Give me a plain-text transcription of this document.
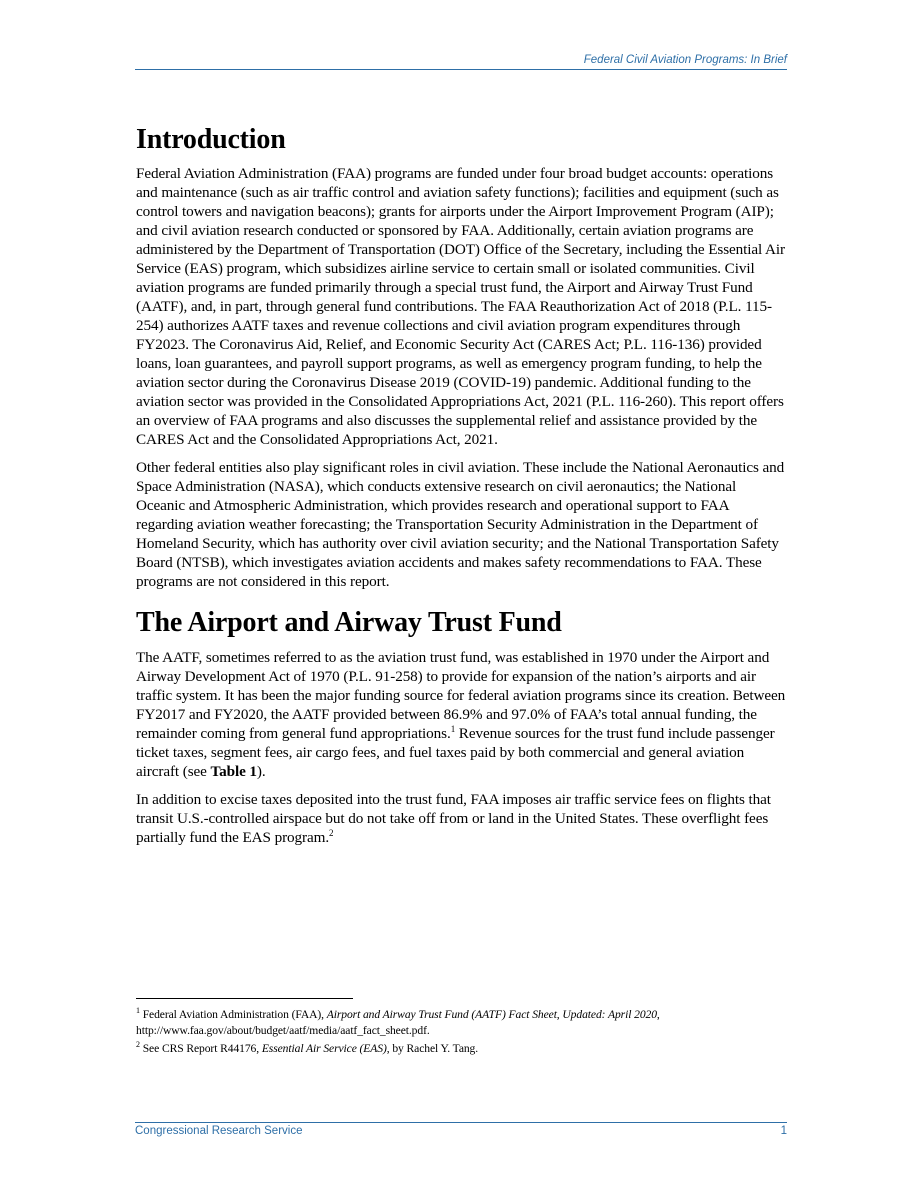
Federal Civil Aviation Programs: In Brief
Introduction

Federal Aviation Administration (FAA) programs are funded under four broad budget accounts: operations and maintenance (such as air traffic control and aviation safety functions); facilities and equipment (such as control towers and navigation beacons); grants for airports under the Airport Improvement Program (AIP); and civil aviation research conducted or sponsored by FAA. Additionally, certain aviation programs are administered by the Department of Transportation (DOT) Office of the Secretary, including the Essential Air Service (EAS) program, which subsidizes airline service to certain small or isolated communities. Civil aviation programs are funded primarily through a special trust fund, the Airport and Airway Trust Fund (AATF), and, in part, through general fund contributions. The FAA Reauthorization Act of 2018 (P.L. 115-254) authorizes AATF taxes and revenue collections and civil aviation program expenditures through FY2023. The Coronavirus Aid, Relief, and Economic Security Act (CARES Act; P.L. 116-136) provided loans, loan guarantees, and payroll support programs, as well as emergency program funding, to help the aviation sector during the Coronavirus Disease 2019 (COVID-19) pandemic. Additional funding to the aviation sector was provided in the Consolidated Appropriations Act, 2021 (P.L. 116-260). This report offers an overview of FAA programs and also discusses the supplemental relief and assistance provided by the CARES Act and the Consolidated Appropriations Act, 2021.

Other federal entities also play significant roles in civil aviation. These include the National Aeronautics and Space Administration (NASA), which conducts extensive research on civil aeronautics; the National Oceanic and Atmospheric Administration, which provides research and operational support to FAA regarding aviation weather forecasting; the Transportation Security Administration in the Department of Homeland Security, which has authority over civil aviation security; and the National Transportation Safety Board (NTSB), which investigates aviation accidents and makes safety recommendations to FAA. These programs are not considered in this report.

The Airport and Airway Trust Fund

The AATF, sometimes referred to as the aviation trust fund, was established in 1970 under the Airport and Airway Development Act of 1970 (P.L. 91-258) to provide for expansion of the nation’s airports and air traffic system. It has been the major funding source for federal aviation programs since its creation. Between FY2017 and FY2020, the AATF provided between 86.9% and 97.0% of FAA’s total annual funding, the remainder coming from general fund appropriations.$^1$ Revenue sources for the trust fund include passenger ticket taxes, segment fees, air cargo fees, and fuel taxes paid by both commercial and general aviation aircraft (see Table 1).

In addition to excise taxes deposited into the trust fund, FAA imposes air traffic service fees on flights that transit U.S.-controlled airspace but do not take off from or land in the United States. These overflight fees partially fund the EAS program.$^2$

$^1$ Federal Aviation Administration (FAA), Airport and Airway Trust Fund (AATF) Fact Sheet, Updated: April 2020, http://www.faa.gov/about/budget/aatf/media/aatf_fact_sheet.pdf.

$^2$ See CRS Report R44176, Essential Air Service (EAS), by Rachel Y. Tang.

Congressional Research Service	1
